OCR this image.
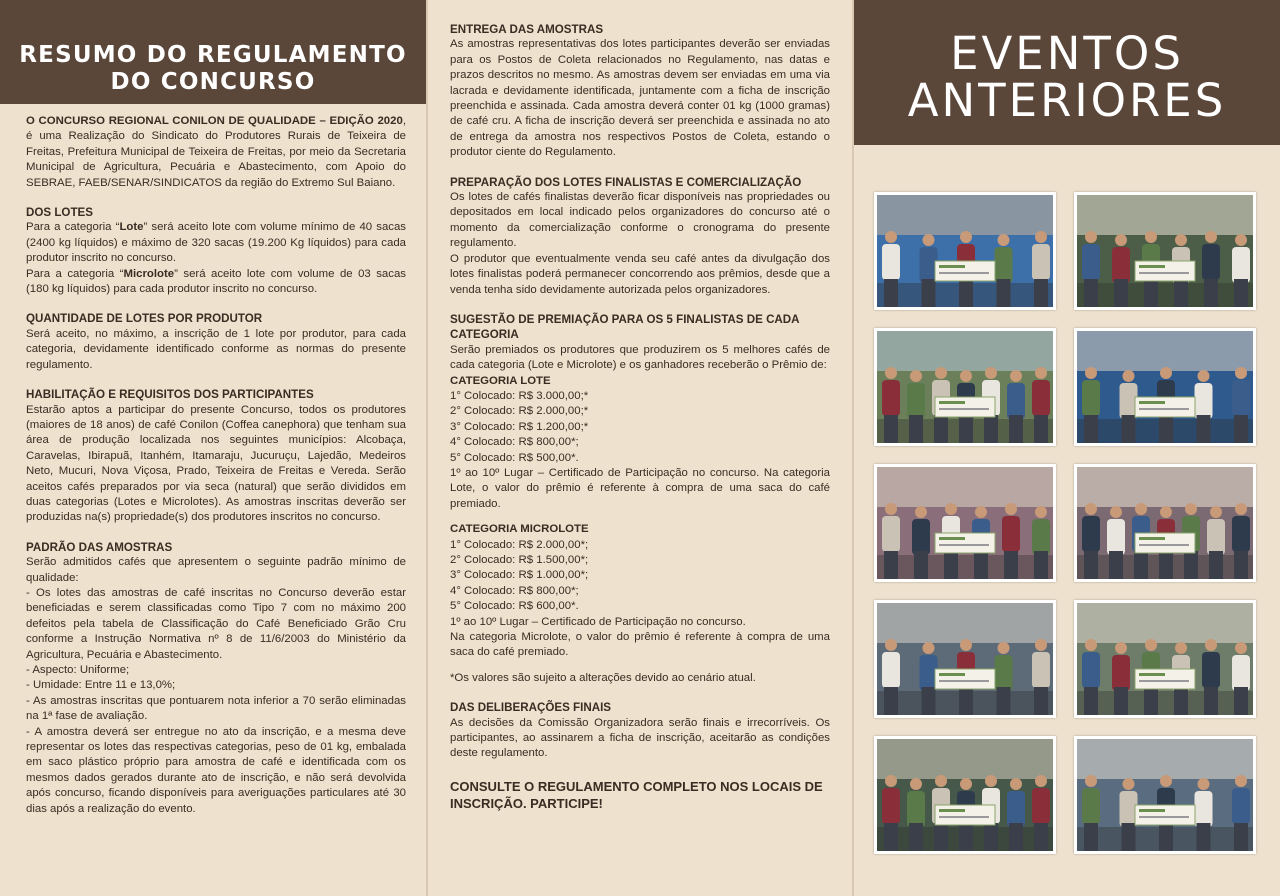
RESUMO DO REGULAMENTO
DO CONCURSO

O CONCURSO REGIONAL CONILON DE QUALIDADE – EDIÇÃO 2020, é uma Realização do Sindicato do Produtores Rurais de Teixeira de Freitas, Prefeitura Municipal de Teixeira de Freitas, por meio da Secretaria Municipal de Agricultura, Pecuária e Abastecimento, com Apoio do SEBRAE, FAEB/SENAR/SINDICATOS da região do Extremo Sul Baiano.

DOS LOTES

Para a categoria “Lote” será aceito lote com volume mínimo de 40 sacas (2400 kg líquidos) e máximo de 320 sacas (19.200 Kg líquidos) para cada produtor inscrito no concurso.

Para a categoria “Microlote” será aceito lote com volume de 03 sacas (180 kg líquidos) para cada produtor inscrito no concurso.

QUANTIDADE DE LOTES POR PRODUTOR

Será aceito, no máximo, a inscrição de 1 lote por produtor, para cada categoria, devidamente identificado conforme as normas do presente regulamento.

HABILITAÇÃO E REQUISITOS DOS PARTICIPANTES

Estarão aptos a participar do presente Concurso, todos os produtores (maiores de 18 anos) de café Conilon (Coffea canephora) que tenham sua área de produção localizada nos seguintes municípios: Alcobaça, Caravelas, Ibirapuã, Itanhém, Itamaraju, Jucuruçu, Lajedão, Medeiros Neto, Mucuri, Nova Viçosa, Prado, Teixeira de Freitas e Vereda. Serão aceitos cafés preparados por via seca (natural) que serão divididos em duas categorias (Lotes e Microlotes). As amostras inscritas deverão ser produzidas na(s) propriedade(s) dos produtores inscritos no concurso.

PADRÃO DAS AMOSTRAS

Serão admitidos cafés que apresentem o seguinte padrão mínimo de qualidade:

- Os lotes das amostras de café inscritas no Concurso deverão estar beneficiadas e serem classificadas como Tipo 7 com no máximo 200 defeitos pela tabela de Classificação do Café Beneficiado Grão Cru conforme a Instrução Normativa nº 8 de 11/6/2003 do Ministério da Agricultura, Pecuária e Abastecimento.

- Aspecto: Uniforme;

- Umidade: Entre 11 e 13,0%;

- As amostras inscritas que pontuarem nota inferior a 70 serão eliminadas na 1ª fase de avaliação.

- A amostra deverá ser entregue no ato da inscrição, e a mesma deve representar os lotes das respectivas categorias, peso de 01 kg, embalada em saco plástico próprio para amostra de café e identificada com os mesmos dados gerados durante ato de inscrição, e não será devolvida após concurso, ficando disponíveis para averiguações particulares até 30 dias após a realização do evento.

ENTREGA DAS AMOSTRAS

As amostras representativas dos lotes participantes deverão ser enviadas para os Postos de Coleta relacionados no Regulamento, nas datas e prazos descritos no mesmo. As amostras devem ser enviadas em uma via lacrada e devidamente identificada, juntamente com a ficha de inscrição preenchida e assinada. Cada amostra deverá conter 01 kg (1000 gramas) de café cru. A ficha de inscrição deverá ser preenchida e assinada no ato de entrega da amostra nos respectivos Postos de Coleta, estando o produtor ciente do Regulamento.

PREPARAÇÃO DOS LOTES FINALISTAS E COMERCIALIZAÇÃO

Os lotes de cafés finalistas deverão ficar disponíveis nas propriedades ou depositados em local indicado pelos organizadores do concurso até o momento da comercialização conforme o cronograma do presente regulamento.

O produtor que eventualmente venda seu café antes da divulgação dos lotes finalistas poderá permanecer concorrendo aos prêmios, desde que a venda tenha sido devidamente autorizada pelos organizadores.

SUGESTÃO DE PREMIAÇÃO PARA OS 5 FINALISTAS DE CADA CATEGORIA

Serão premiados os produtores que produzirem os 5 melhores cafés de cada categoria (Lote e Microlote) e os ganhadores receberão o Prêmio de:

CATEGORIA LOTE

1° Colocado: R$ 3.000,00;*

2° Colocado: R$ 2.000,00;*

3° Colocado: R$ 1.200,00;*

4° Colocado: R$ 800,00*;

5° Colocado: R$ 500,00*.

1º ao 10º Lugar – Certificado de Participação no concurso. Na categoria Lote, o valor do prêmio é referente à compra de uma saca do café premiado.

CATEGORIA MICROLOTE

1° Colocado: R$ 2.000,00*;

2° Colocado: R$ 1.500,00*;

3° Colocado: R$ 1.000,00*;

4° Colocado: R$ 800,00*;

5° Colocado: R$ 600,00*.

1º ao 10º Lugar – Certificado de Participação no concurso.

Na categoria Microlote, o valor do prêmio é referente à compra de uma saca do café premiado.

*Os valores são sujeito a alterações devido ao cenário atual.

DAS DELIBERAÇÕES FINAIS

As decisões da Comissão Organizadora serão finais e irrecorríveis. Os participantes, ao assinarem a ficha de inscrição, aceitarão as condições deste regulamento.

CONSULTE O REGULAMENTO COMPLETO NOS LOCAIS DE INSCRIÇÃO. PARTICIPE!

EVENTOS
ANTERIORES
